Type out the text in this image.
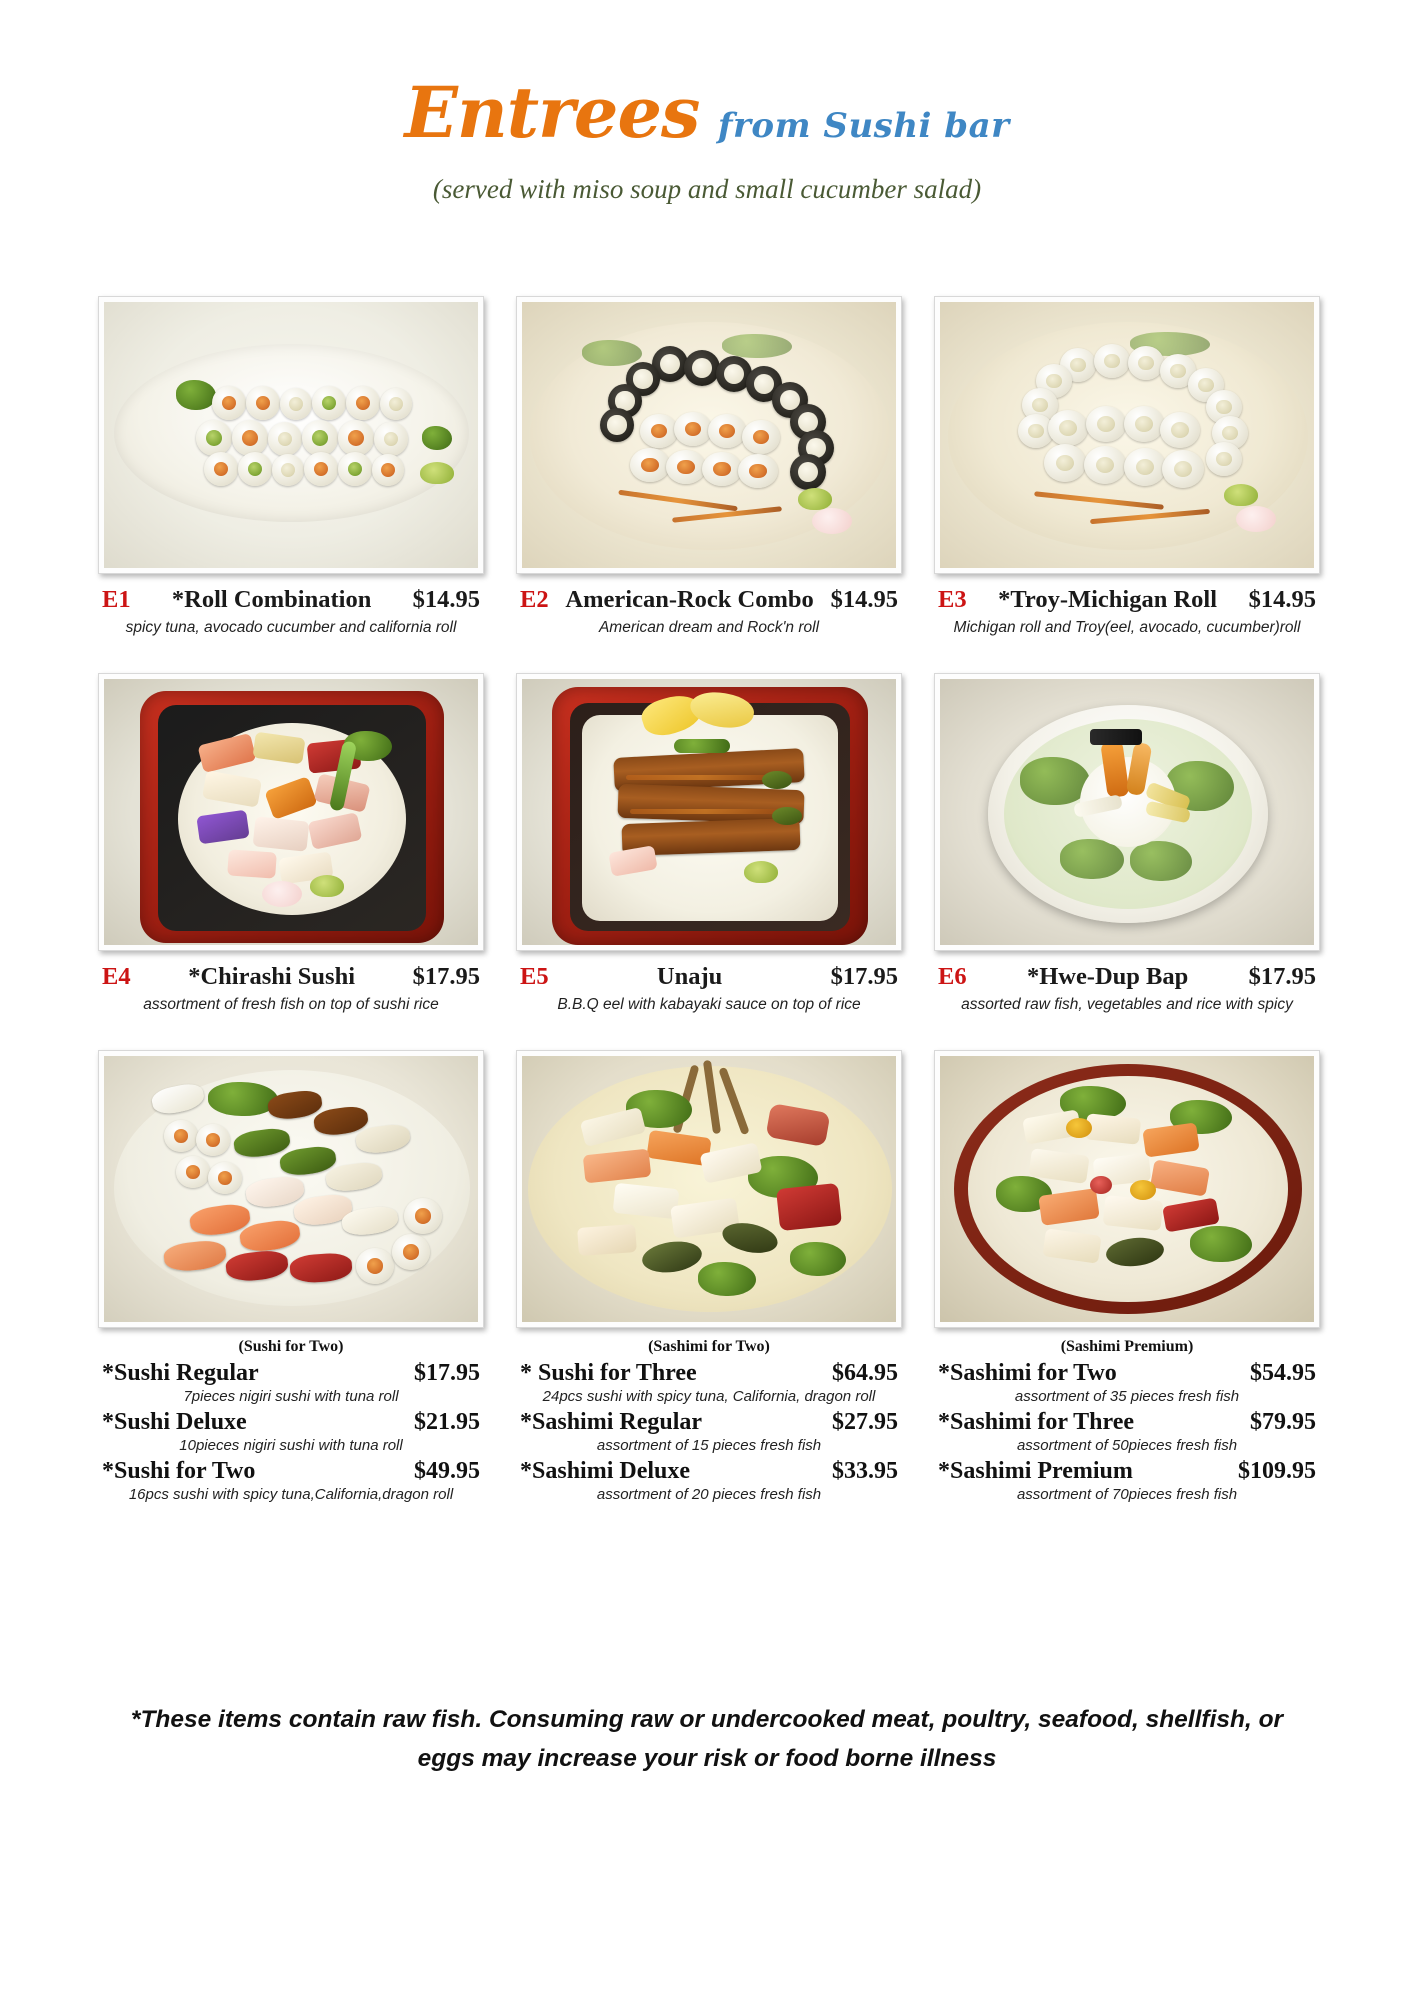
Entrees from Sushi bar
(served with miso soup and small cucumber salad)
E1	*Roll Combination	$14.95
spicy tuna, avocado cucumber and california roll
E2 American-Rock Combo $14.95
American dream and Rock'n roll
E3	*Troy-Michigan Roll	$14.95
Michigan roll and Troy(eel, avocado, cucumber)roll
E4	*Chirashi Sushi	$17.95
assortment of fresh fish on top of sushi rice
E5	Unaju	$17.95
B.B.Q eel with kabayaki sauce on top of rice
E6	*Hwe-Dup Bap	$17.95
assorted raw fish, vegetables and rice with spicy
(Sushi for Two)
*Sushi Regular	$17.95
7pieces nigiri sushi with tuna roll
*Sushi Deluxe	$21.95
10pieces nigiri sushi with tuna roll
*Sushi for Two	$49.95
16pcs sushi with spicy tuna,California,dragon roll
(Sashimi for Two)
* Sushi for Three	$64.95
24pcs sushi with spicy tuna, California, dragon roll
*Sashimi Regular	$27.95
assortment of 15 pieces fresh fish
*Sashimi Deluxe	$33.95
assortment of 20 pieces fresh fish
(Sashimi Premium)
*Sashimi for Two	$54.95
assortment of 35 pieces fresh fish
*Sashimi for Three	$79.95
assortment of 50pieces fresh fish
*Sashimi Premium	$109.95
assortment of 70pieces fresh fish
*These items contain raw fish. Consuming raw or undercooked meat, poultry, seafood, shellfish, or
eggs may increase your risk or food borne illness
